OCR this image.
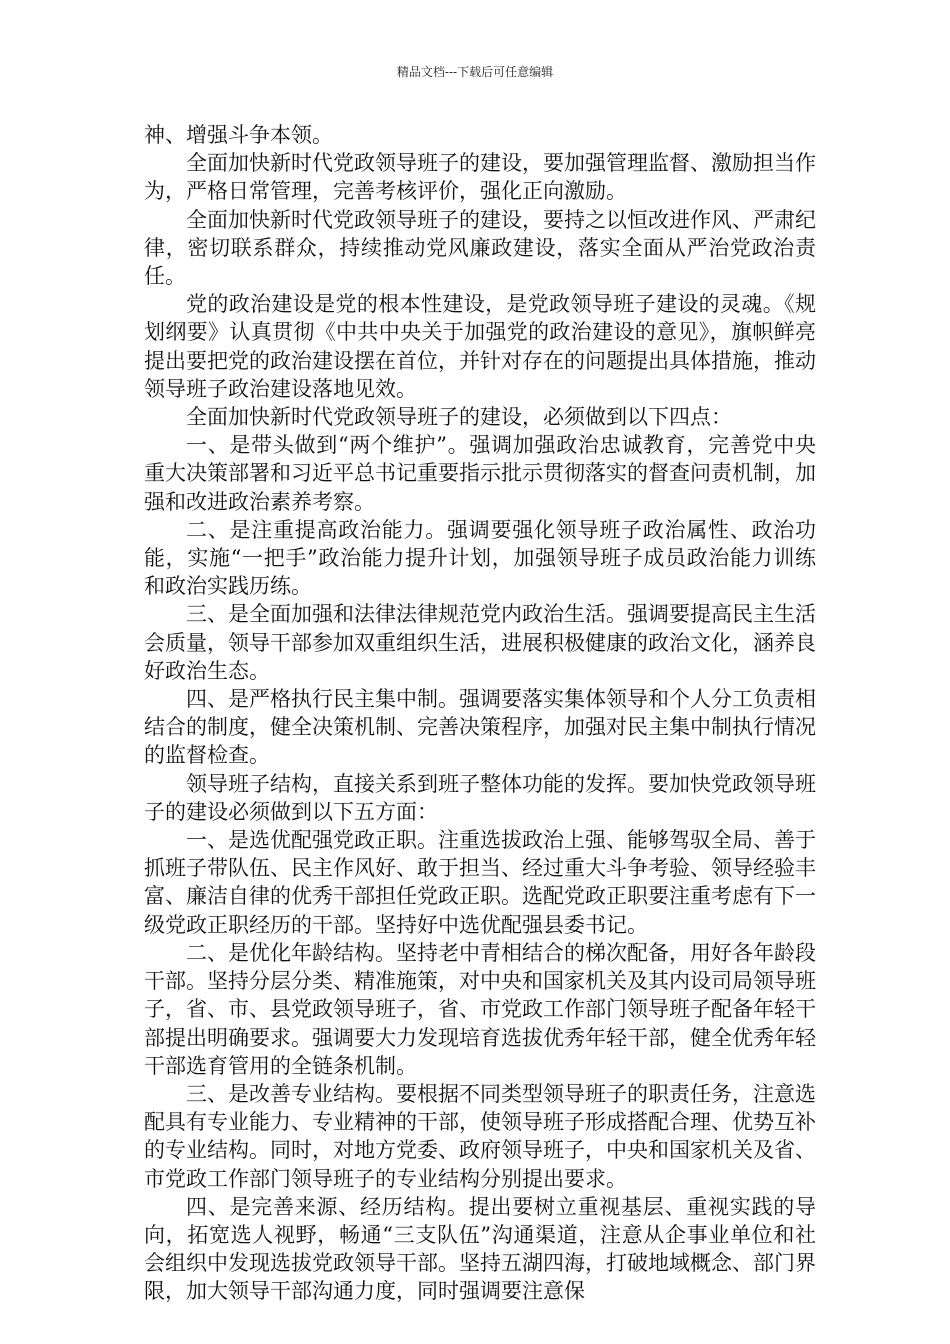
精品文档---下载后可任意编辑

神、增强斗争本领。

全面加快新时代党政领导班子的建设，要加强管理监督、激励担当作为，严格日常管理，完善考核评价，强化正向激励。

全面加快新时代党政领导班子的建设，要持之以恒改进作风、严肃纪律，密切联系群众，持续推动党风廉政建设，落实全面从严治党政治责任。

党的政治建设是党的根本性建设，是党政领导班子建设的灵魂。《规划纲要》认真贯彻《中共中央关于加强党的政治建设的意见》，旗帜鲜亮提出要把党的政治建设摆在首位，并针对存在的问题提出具体措施，推动领导班子政治建设落地见效。

全面加快新时代党政领导班子的建设，必须做到以下四点：

一、是带头做到“两个维护”。强调加强政治忠诚教育，完善党中央重大决策部署和习近平总书记重要指示批示贯彻落实的督查问责机制，加强和改进政治素养考察。

二、是注重提高政治能力。强调要强化领导班子政治属性、政治功能，实施“一把手”政治能力提升计划，加强领导班子成员政治能力训练和政治实践历练。

三、是全面加强和法律法律规范党内政治生活。强调要提高民主生活会质量，领导干部参加双重组织生活，进展积极健康的政治文化，涵养良好政治生态。

四、是严格执行民主集中制。强调要落实集体领导和个人分工负责相结合的制度，健全决策机制、完善决策程序，加强对民主集中制执行情况的监督检查。

领导班子结构，直接关系到班子整体功能的发挥。要加快党政领导班子的建设必须做到以下五方面：

一、是选优配强党政正职。注重选拔政治上强、能够驾驭全局、善于抓班子带队伍、民主作风好、敢于担当、经过重大斗争考验、领导经验丰富、廉洁自律的优秀干部担任党政正职。选配党政正职要注重考虑有下一级党政正职经历的干部。坚持好中选优配强县委书记。

二、是优化年龄结构。坚持老中青相结合的梯次配备，用好各年龄段干部。坚持分层分类、精准施策，对中央和国家机关及其内设司局领导班子，省、市、县党政领导班子，省、市党政工作部门领导班子配备年轻干部提出明确要求。强调要大力发现培育选拔优秀年轻干部，健全优秀年轻干部选育管用的全链条机制。

三、是改善专业结构。要根据不同类型领导班子的职责任务，注意选配具有专业能力、专业精神的干部，使领导班子形成搭配合理、优势互补的专业结构。同时，对地方党委、政府领导班子，中央和国家机关及省、市党政工作部门领导班子的专业结构分别提出要求。

四、是完善来源、经历结构。提出要树立重视基层、重视实践的导向，拓宽选人视野，畅通“三支队伍”沟通渠道，注意从企事业单位和社会组织中发现选拔党政领导干部。坚持五湖四海，打破地域概念、部门界限，加大领导干部沟通力度，同时强调要注意保
